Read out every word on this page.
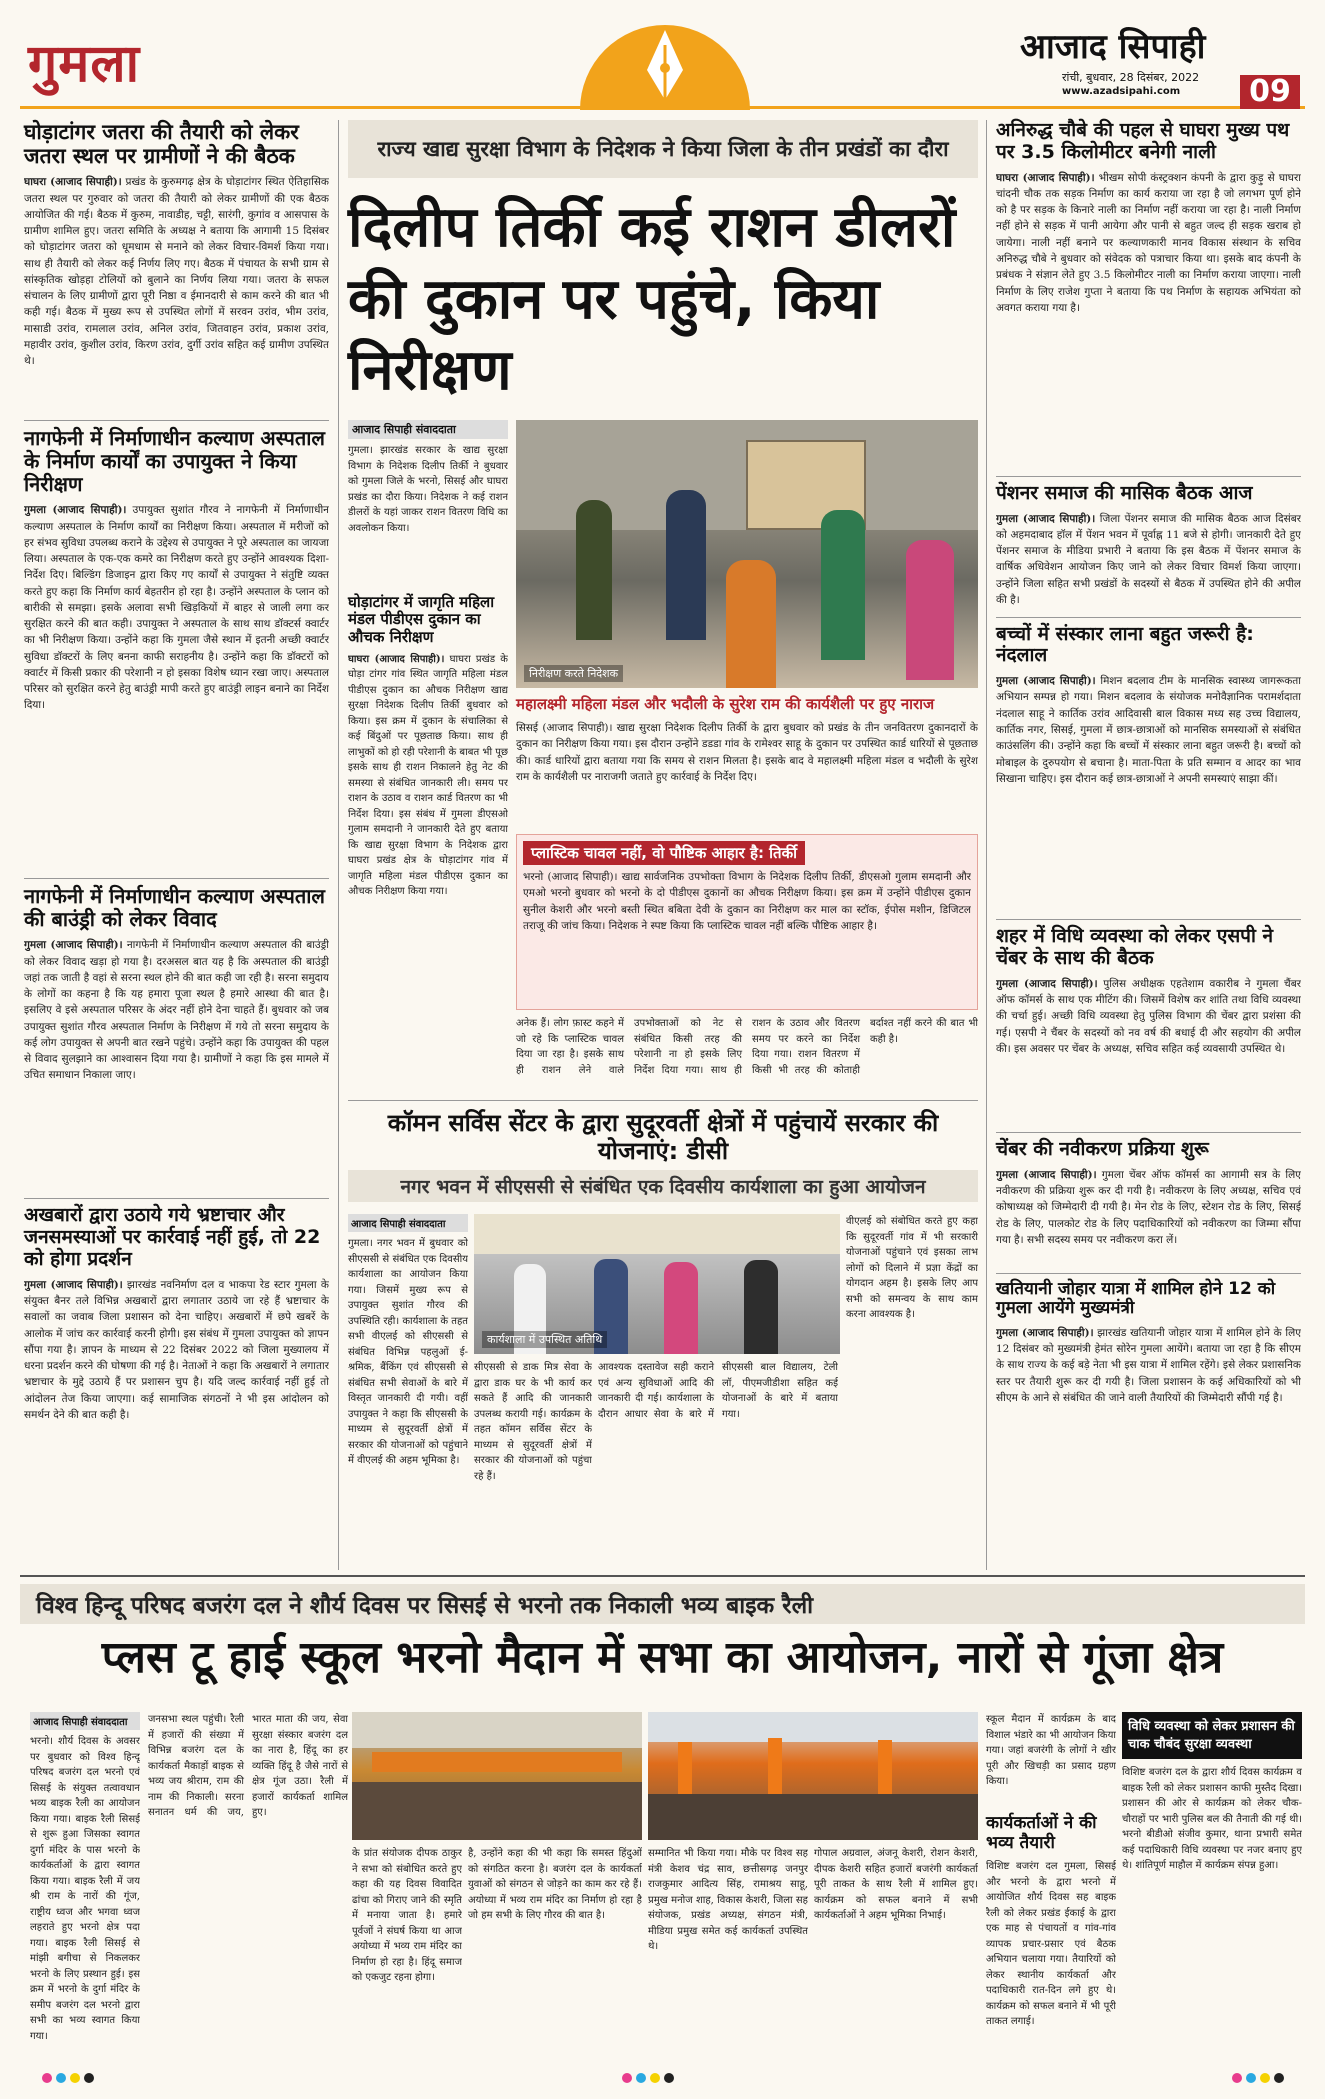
गुमला	आजाद सिपाही
रांची, बुधवार, 28 दिसंबर, 2022
www.azadsipahi.com	09
घोड़ाटांगर जतरा की तैयारी को लेकर जतरा स्थल पर ग्रामीणों ने की बैठक
घाघरा (आजाद सिपाही)। प्रखंड के कुरुमगढ़ क्षेत्र के घोड़ाटांगर स्थित ऐतिहासिक जतरा स्थल पर गुरुवार को जतरा की तैयारी को लेकर ग्रामीणों की एक बैठक आयोजित की गई। बैठक में कुरुम, नावाडीह, चट्टी, सारंगी, कुगांव व आसपास के ग्रामीण शामिल हुए। जतरा समिति के अध्यक्ष ने बताया कि आगामी 15 दिसंबर को घोड़ाटांगर जतरा को धूमधाम से मनाने को लेकर विचार-विमर्श किया गया। साथ ही तैयारी को लेकर कई निर्णय लिए गए। बैठक में पंचायत के सभी ग्राम से सांस्कृतिक खोड़हा टोलियों को बुलाने का निर्णय लिया गया। जतरा के सफल संचालन के लिए ग्रामीणों द्वारा पूरी निष्ठा व ईमानदारी से काम करने की बात भी कही गई। बैठक में मुख्य रूप से उपस्थित लोगों में सरवन उरांव, भीम उरांव, मासाडी उरांव, रामलाल उरांव, अनिल उरांव, जितवाहन उरांव, प्रकाश उरांव, महावीर उरांव, कुशील उरांव, किरण उरांव, दुर्गी उरांव सहित कई ग्रामीण उपस्थित थे।
नागफेनी में निर्माणाधीन कल्याण अस्पताल के निर्माण कार्यों का उपायुक्त ने किया निरीक्षण
गुमला (आजाद सिपाही)। उपायुक्त सुशांत गौरव ने नागफेनी में निर्माणाधीन कल्याण अस्पताल के निर्माण कार्यों का निरीक्षण किया। अस्पताल में मरीजों को हर संभव सुविधा उपलब्ध कराने के उद्देश्य से उपायुक्त ने पूरे अस्पताल का जायजा लिया। अस्पताल के एक-एक कमरे का निरीक्षण करते हुए उन्होंने आवश्यक दिशा-निर्देश दिए। बिल्डिंग डिजाइन द्वारा किए गए कार्यों से उपायुक्त ने संतुष्टि व्यक्त करते हुए कहा कि निर्माण कार्य बेहतरीन हो रहा है। उन्होंने अस्पताल के प्लान को बारीकी से समझा। इसके अलावा सभी खिड़कियों में बाहर से जाली लगा कर सुरक्षित करने की बात कही। उपायुक्त ने अस्पताल के साथ साथ डॉक्टर्स क्वार्टर का भी निरीक्षण किया। उन्होंने कहा कि गुमला जैसे स्थान में इतनी अच्छी क्वार्टर सुविधा डॉक्टरों के लिए बनना काफी सराहनीय है। उन्होंने कहा कि डॉक्टरों को क्वार्टर में किसी प्रकार की परेशानी न हो इसका विशेष ध्यान रखा जाए। अस्पताल परिसर को सुरक्षित करने हेतु बाउंड्री मापी करते हुए बाउंड्री लाइन बनाने का निर्देश दिया।
नागफेनी में निर्माणाधीन कल्याण अस्पताल की बाउंड्री को लेकर विवाद
गुमला (आजाद सिपाही)। नागफेनी में निर्माणाधीन कल्याण अस्पताल की बाउंड्री को लेकर विवाद खड़ा हो गया है। दरअसल बात यह है कि अस्पताल की बाउंड्री जहां तक जाती है वहां से सरना स्थल होने की बात कही जा रही है। सरना समुदाय के लोगों का कहना है कि यह हमारा पूजा स्थल है हमारे आस्था की बात है। इसलिए वे इसे अस्पताल परिसर के अंदर नहीं होने देना चाहते हैं। बुधवार को जब उपायुक्त सुशांत गौरव अस्पताल निर्माण के निरीक्षण में गये तो सरना समुदाय के कई लोग उपायुक्त से अपनी बात रखने पहुंचे। उन्होंने कहा कि उपायुक्त की पहल से विवाद सुलझाने का आश्वासन दिया गया है। ग्रामीणों ने कहा कि इस मामले में उचित समाधान निकाला जाए।
अखबारों द्वारा उठाये गये भ्रष्टाचार और जनसमस्याओं पर कार्रवाई नहीं हुई, तो 22 को होगा प्रदर्शन
गुमला (आजाद सिपाही)। झारखंड नवनिर्माण दल व भाकपा रेड स्टार गुमला के संयुक्त बैनर तले विभिन्न अखबारों द्वारा लगातार उठाये जा रहे हैं भ्रष्टाचार के सवालों का जवाब जिला प्रशासन को देना चाहिए। अखबारों में छपे खबरें के आलोक में जांच कर कार्रवाई करनी होगी। इस संबंध में गुमला उपायुक्त को ज्ञापन सौंपा गया है। ज्ञापन के माध्यम से 22 दिसंबर 2022 को जिला मुख्यालय में धरना प्रदर्शन करने की घोषणा की गई है। नेताओं ने कहा कि अखबारों ने लगातार भ्रष्टाचार के मुद्दे उठाये हैं पर प्रशासन चुप है। यदि जल्द कार्रवाई नहीं हुई तो आंदोलन तेज किया जाएगा। कई सामाजिक संगठनों ने भी इस आंदोलन को समर्थन देने की बात कही है।
राज्य खाद्य सुरक्षा विभाग के निदेशक ने किया जिला के तीन प्रखंडों का दौरा
दिलीप तिर्की कई राशन डीलरों की दुकान पर पहुंचे, किया निरीक्षण
आजाद सिपाही संवाददाता
गुमला। झारखंड सरकार के खाद्य सुरक्षा विभाग के निदेशक दिलीप तिर्की ने बुधवार को गुमला जिले के भरनो, सिसई और घाघरा प्रखंड का दौरा किया। निदेशक ने कई राशन डीलरों के यहां जाकर राशन वितरण विधि का अवलोकन किया।
घोड़ाटांगर में जागृति महिला मंडल पीडीएस दुकान का औचक निरीक्षण
घाघरा (आजाद सिपाही)। घाघरा प्रखंड के घोड़ा टांगर गांव स्थित जागृति महिला मंडल पीडीएस दुकान का औचक निरीक्षण खाद्य सुरक्षा निदेशक दिलीप तिर्की बुधवार को किया। इस क्रम में दुकान के संचालिका से कई बिंदुओं पर पूछताछ किया। साथ ही लाभुकों को हो रही परेशानी के बाबत भी पूछ इसके साथ ही राशन निकालने हेतु नेट की समस्या से संबंधित जानकारी ली। समय पर राशन के उठाव व राशन कार्ड वितरण का भी निर्देश दिया। इस संबंध में गुमला डीएसओ गुलाम समदानी ने जानकारी देते हुए बताया कि खाद्य सुरक्षा विभाग के निदेशक द्वारा घाघरा प्रखंड क्षेत्र के घोड़ाटांगर गांव में जागृति महिला मंडल पीडीएस दुकान का औचक निरीक्षण किया गया।
निरीक्षण करते निदेशक
महालक्ष्मी महिला मंडल और भदौली के सुरेश राम की कार्यशैली पर हुए नाराज
सिसई (आजाद सिपाही)। खाद्य सुरक्षा निदेशक दिलीप तिर्की के द्वारा बुधवार को प्रखंड के तीन जनवितरण दुकानदारों के दुकान का निरीक्षण किया गया। इस दौरान उन्होंने डडडा गांव के रामेश्वर साहू के दुकान पर उपस्थित कार्ड धारियों से पूछताछ की। कार्ड धारियों द्वारा बताया गया कि समय से राशन मिलता है। इसके बाद वे महालक्ष्मी महिला मंडल व भदौली के सुरेश राम के कार्यशैली पर नाराजगी जताते हुए कार्रवाई के निर्देश दिए।
प्लास्टिक चावल नहीं, वो पौष्टिक आहार है: तिर्की
भरनो (आजाद सिपाही)। खाद्य सार्वजनिक उपभोक्ता विभाग के निदेशक दिलीप तिर्की, डीएसओ गुलाम समदानी और एमओ भरनो बुधवार को भरनो के दो पीडीएस दुकानों का औचक निरीक्षण किया। इस क्रम में उन्होंने पीडीएस दुकान सुनील केशरी और भरनो बस्ती स्थित बबिता देवी के दुकान का निरीक्षण कर माल का स्टॉक, ईपोस मशीन, डिजिटल तराजू की जांच किया। निदेशक ने स्पष्ट किया कि प्लास्टिक चावल नहीं बल्कि पौष्टिक आहार है।
अनेक हैं। लोग फ़ास्ट कहने में जो रहे कि प्लास्टिक चावल दिया जा रहा है। इसके साथ ही राशन लेने वाले उपभोक्ताओं को नेट से संबंधित किसी तरह की परेशानी ना हो इसके लिए निर्देश दिया गया। साथ ही राशन के उठाव और वितरण समय पर करने का निर्देश दिया गया। राशन वितरण में किसी भी तरह की कोताही बर्दाश्त नहीं करने की बात भी कही है।
कॉमन सर्विस सेंटर के द्वारा सुदूरवर्ती क्षेत्रों में पहुंचायें सरकार की योजनाएं: डीसी
नगर भवन में सीएससी से संबंधित एक दिवसीय कार्यशाला का हुआ आयोजन
आजाद सिपाही संवाददाता
गुमला। नगर भवन में बुधवार को सीएससी से संबंधित एक दिवसीय कार्यशाला का आयोजन किया गया। जिसमें मुख्य रूप से उपायुक्त सुशांत गौरव की उपस्थिति रही। कार्यशाला के तहत सभी वीएलई को सीएससी से संबंधित विभिन्न पहलुओं ई-श्रमिक, बैंकिंग एवं सीएससी से संबंधित सभी सेवाओं के बारे में विस्तृत जानकारी दी गयी। वहीं उपायुक्त ने कहा कि सीएससी के माध्यम से सुदूरवर्ती क्षेत्रों में सरकार की योजनाओं को पहुंचाने में वीएलई की अहम भूमिका है।
कार्यशाला में उपस्थित अतिथि
सीएससी से डाक मित्र सेवा के द्वारा डाक घर के भी कार्य कर सकते हैं आदि की जानकारी उपलब्ध करायी गई। कार्यक्रम के तहत कॉमन सर्विस सेंटर के माध्यम से सुदूरवर्ती क्षेत्रों में सरकार की योजनाओं को पहुंचा रहे हैं।
आवश्यक दस्तावेज सही कराने एवं अन्य सुविधाओं आदि की जानकारी दी गई। कार्यशाला के दौरान आधार सेवा के बारे में सीएससी बाल विद्यालय, टेली लॉ, पीएमजीडीशा सहित कई योजनाओं के बारे में बताया गया।
वीएलई को संबोधित करते हुए कहा कि सुदूरवर्ती गांव में भी सरकारी योजनाओं पहुंचाने एवं इसका लाभ लोगों को दिलाने में प्रज्ञा केंद्रों का योगदान अहम है। इसके लिए आप सभी को समन्वय के साथ काम करना आवश्यक है।
अनिरुद्ध चौबे की पहल से घाघरा मुख्य पथ पर 3.5 किलोमीटर बनेगी नाली
घाघरा (आजाद सिपाही)। भीखम सोपी कंस्ट्रक्शन कंपनी के द्वारा कुड़ु से घाघरा चांदनी चौक तक सड़क निर्माण का कार्य कराया जा रहा है जो लगभग पूर्ण होने को है पर सड़क के किनारे नाली का निर्माण नहीं कराया जा रहा है। नाली निर्माण नहीं होने से सड़क में पानी आयेगा और पानी से बहुत जल्द ही सड़क खराब हो जायेगा। नाली नहीं बनाने पर कल्याणकारी मानव विकास संस्थान के सचिव अनिरुद्ध चौबे ने बुधवार को संवेदक को पत्राचार किया था। इसके बाद कंपनी के प्रबंधक ने संज्ञान लेते हुए 3.5 किलोमीटर नाली का निर्माण कराया जाएगा। नाली निर्माण के लिए राजेश गुप्ता ने बताया कि पथ निर्माण के सहायक अभियंता को अवगत कराया गया है।
पेंशनर समाज की मासिक बैठक आज
गुमला (आजाद सिपाही)। जिला पेंशनर समाज की मासिक बैठक आज दिसंबर को अहमदाबाद हॉल में पेंशन भवन में पूर्वाह्न 11 बजे से होगी। जानकारी देते हुए पेंशनर समाज के मीडिया प्रभारी ने बताया कि इस बैठक में पेंशनर समाज के वार्षिक अधिवेशन आयोजन किए जाने को लेकर विचार विमर्श किया जाएगा। उन्होंने जिला सहित सभी प्रखंडों के सदस्यों से बैठक में उपस्थित होने की अपील की है।
बच्चों में संस्कार लाना बहुत जरूरी है: नंदलाल
गुमला (आजाद सिपाही)। मिशन बदलाव टीम के मानसिक स्वास्थ्य जागरूकता अभियान सम्पन्न हो गया। मिशन बदलाव के संयोजक मनोवैज्ञानिक परामर्शदाता नंदलाल साहू ने कार्तिक उरांव आदिवासी बाल विकास मध्य सह उच्च विद्यालय, कार्तिक नगर, सिसई, गुमला में छात्र-छात्राओं को मानसिक समस्याओं से संबंधित काउंसलिंग की। उन्होंने कहा कि बच्चों में संस्कार लाना बहुत जरूरी है। बच्चों को मोबाइल के दुरुपयोग से बचाना है। माता-पिता के प्रति सम्मान व आदर का भाव सिखाना चाहिए। इस दौरान कई छात्र-छात्राओं ने अपनी समस्याएं साझा कीं।
शहर में विधि व्यवस्था को लेकर एसपी ने चेंबर के साथ की बैठक
गुमला (आजाद सिपाही)। पुलिस अधीक्षक एहतेशाम वकारीब ने गुमला चैंबर ऑफ कॉमर्स के साथ एक मीटिंग की। जिसमें विशेष कर शांति तथा विधि व्यवस्था की चर्चा हुई। अच्छी विधि व्यवस्था हेतु पुलिस विभाग की चेंबर द्वारा प्रशंसा की गई। एसपी ने चैंबर के सदस्यों को नव वर्ष की बधाई दी और सहयोग की अपील की। इस अवसर पर चेंबर के अध्यक्ष, सचिव सहित कई व्यवसायी उपस्थित थे।
चेंबर की नवीकरण प्रक्रिया शुरू
गुमला (आजाद सिपाही)। गुमला चेंबर ऑफ कॉमर्स का आगामी सत्र के लिए नवीकरण की प्रक्रिया शुरू कर दी गयी है। नवीकरण के लिए अध्यक्ष, सचिव एवं कोषाध्यक्ष को जिम्मेदारी दी गयी है। मेन रोड के लिए, स्टेशन रोड के लिए, सिसई रोड के लिए, पालकोट रोड के लिए पदाधिकारियों को नवीकरण का जिम्मा सौंपा गया है। सभी सदस्य समय पर नवीकरण करा लें।
खतियानी जोहार यात्रा में शामिल होने 12 को गुमला आयेंगे मुख्यमंत्री
गुमला (आजाद सिपाही)। झारखंड खतियानी जोहार यात्रा में शामिल होने के लिए 12 दिसंबर को मुख्यमंत्री हेमंत सोरेन गुमला आयेंगे। बताया जा रहा है कि सीएम के साथ राज्य के कई बड़े नेता भी इस यात्रा में शामिल रहेंगे। इसे लेकर प्रशासनिक स्तर पर तैयारी शुरू कर दी गयी है। जिला प्रशासन के कई अधिकारियों को भी सीएम के आने से संबंधित की जाने वाली तैयारियों की जिम्मेदारी सौंपी गई है।
विश्व हिन्दू परिषद बजरंग दल ने शौर्य दिवस पर सिसई से भरनो तक निकाली भव्य बाइक रैली
प्लस टू हाई स्कूल भरनो मैदान में सभा का आयोजन, नारों से गूंजा क्षेत्र
आजाद सिपाही संवाददाता
भरनो। शौर्य दिवस के अवसर पर बुधवार को विश्व हिन्दू परिषद बजरंग दल भरनो एवं सिसई के संयुक्त तत्वावधान भव्य बाइक रैली का आयोजन किया गया। बाइक रैली सिसई से शुरू हुआ जिसका स्वागत दुर्गा मंदिर के पास भरनो के कार्यकर्ताओं के द्वारा स्वागत किया गया। बाइक रैली में जय श्री राम के नारों की गूंज, राष्ट्रीय ध्वज और भगवा ध्वज लहराते हुए भरनो क्षेत्र पदा गया। बाइक रैली सिसई से मांझी बगीचा से निकलकर भरनो के लिए प्रस्थान हुई। इस क्रम में भरनो के दुर्गा मंदिर के समीप बजरंग दल भरनो द्वारा सभी का भव्य स्वागत किया गया।
जनसभा स्थल पहुंची। रैली में हजारों की संख्या में विभिन्न बजरंग दल के कार्यकर्ता मैकाड़ों बाइक से भव्य जय श्रीराम, राम की नाम की निकाली। सरना सनातन धर्म की जय, भारत माता की जय, सेवा सुरक्षा संस्कार बजरंग दल का नारा है, हिंदू का हर व्यक्ति हिंदू है जैसे नारों से क्षेत्र गूंज उठा। रैली में हजारों कार्यकर्ता शामिल हुए।
के प्रांत संयोजक दीपक ठाकुर ने सभा को संबोधित करते हुए कहा की यह दिवस विवादित ढांचा को गिराए जाने की स्मृति में मनाया जाता है। हमारे पूर्वजों ने संघर्ष किया था आज अयोध्या में भव्य राम मंदिर का निर्माण हो रहा है। हिंदू समाज को एकजुट रहना होगा।
है, उन्होंने कहा की भी कहा कि समस्त हिंदुओं को संगठित करना है। बजरंग दल के कार्यकर्ता युवाओं को संगठन से जोड़ने का काम कर रहे हैं। अयोध्या में भव्य राम मंदिर का निर्माण हो रहा है जो हम सभी के लिए गौरव की बात है।
सम्मानित भी किया गया। मौके पर विश्व सह मंत्री केशव चंद्र साव, छत्तीसगढ़ जनपुर राजकुमार आदित्य सिंह, रामाश्रय साहू, प्रमुख मनोज शाह, विकास केशरी, जिला सह संयोजक, प्रखंड अध्यक्ष, संगठन मंत्री, मीडिया प्रमुख समेत कई कार्यकर्ता उपस्थित थे।
गोपाल अग्रवाल, अंजनू केशरी, रोशन केशरी, दीपक केशरी सहित हजारों बजरंगी कार्यकर्ता पूरी ताकत के साथ रैली में शामिल हुए। कार्यक्रम को सफल बनाने में सभी कार्यकर्ताओं ने अहम भूमिका निभाई।
स्कूल मैदान में कार्यक्रम के बाद विशाल भंडारे का भी आयोजन किया गया। जहां बजरंगी के लोगों ने खीर पूरी और खिचड़ी का प्रसाद ग्रहण किया।
कार्यकर्ताओं ने की भव्य तैयारी
विशिष्ट बजरंग दल गुमला, सिसई और भरनो के द्वारा भरनो में आयोजित शौर्य दिवस सह बाइक रैली को लेकर प्रखंड ईकाई के द्वारा एक माह से पंचायतों व गांव-गांव व्यापक प्रचार-प्रसार एवं बैठक अभियान चलाया गया। तैयारियों को लेकर स्थानीय कार्यकर्ता और पदाधिकारी रात-दिन लगे हुए थे। कार्यक्रम को सफल बनाने में भी पूरी ताकत लगाई।
विधि व्यवस्था को लेकर प्रशासन की चाक चौबंद सुरक्षा व्यवस्था
विशिष्ट बजरंग दल के द्वारा शौर्य दिवस कार्यक्रम व बाइक रैली को लेकर प्रशासन काफी मुस्तैद दिखा। प्रशासन की ओर से कार्यक्रम को लेकर चौक-चौराहों पर भारी पुलिस बल की तैनाती की गई थी। भरनो बीडीओ संजीव कुमार, थाना प्रभारी समेत कई पदाधिकारी विधि व्यवस्था पर नजर बनाए हुए थे। शांतिपूर्ण माहौल में कार्यक्रम संपन्न हुआ।
